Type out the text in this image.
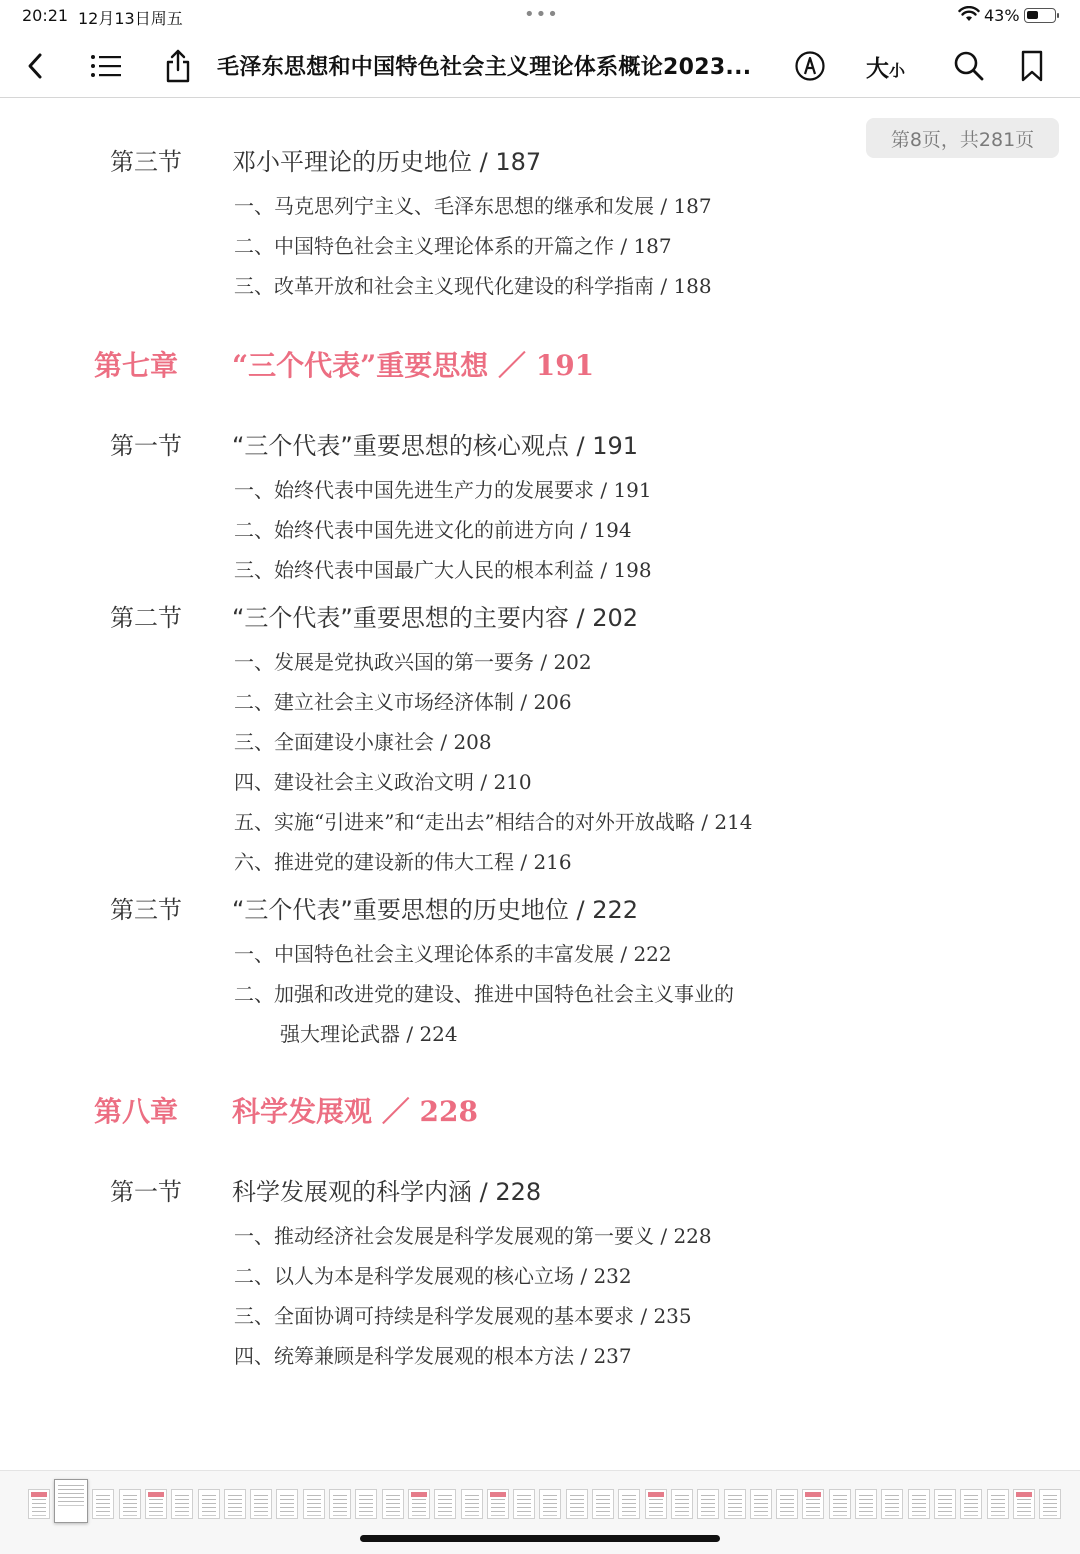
20:21 12月13日周五	•••	43%
毛泽东思想和中国特色社会主义理论体系概论2023...	大小
第三节 邓小平理论的历史地位 / 187
一、马克思列宁主义、毛泽东思想的继承和发展 / 187
二、中国特色社会主义理论体系的开篇之作 / 187
三、改革开放和社会主义现代化建设的科学指南 / 188
第七章 “三个代表”重要思想 ／ 191
第一节 “三个代表”重要思想的核心观点 / 191
一、始终代表中国先进生产力的发展要求 / 191
二、始终代表中国先进文化的前进方向 / 194
三、始终代表中国最广大人民的根本利益 / 198
第二节 “三个代表”重要思想的主要内容 / 202
一、发展是党执政兴国的第一要务 / 202
二、建立社会主义市场经济体制 / 206
三、全面建设小康社会 / 208
四、建设社会主义政治文明 / 210
五、实施“引进来”和“走出去”相结合的对外开放战略 / 214
六、推进党的建设新的伟大工程 / 216
第三节 “三个代表”重要思想的历史地位 / 222
一、中国特色社会主义理论体系的丰富发展 / 222
二、加强和改进党的建设、推进中国特色社会主义事业的
强大理论武器 / 224
第八章 科学发展观 ／ 228
第一节 科学发展观的科学内涵 / 228
一、推动经济社会发展是科学发展观的第一要义 / 228
二、以人为本是科学发展观的核心立场 / 232
三、全面协调可持续是科学发展观的基本要求 / 235
四、统筹兼顾是科学发展观的根本方法 / 237
第8页，共281页
